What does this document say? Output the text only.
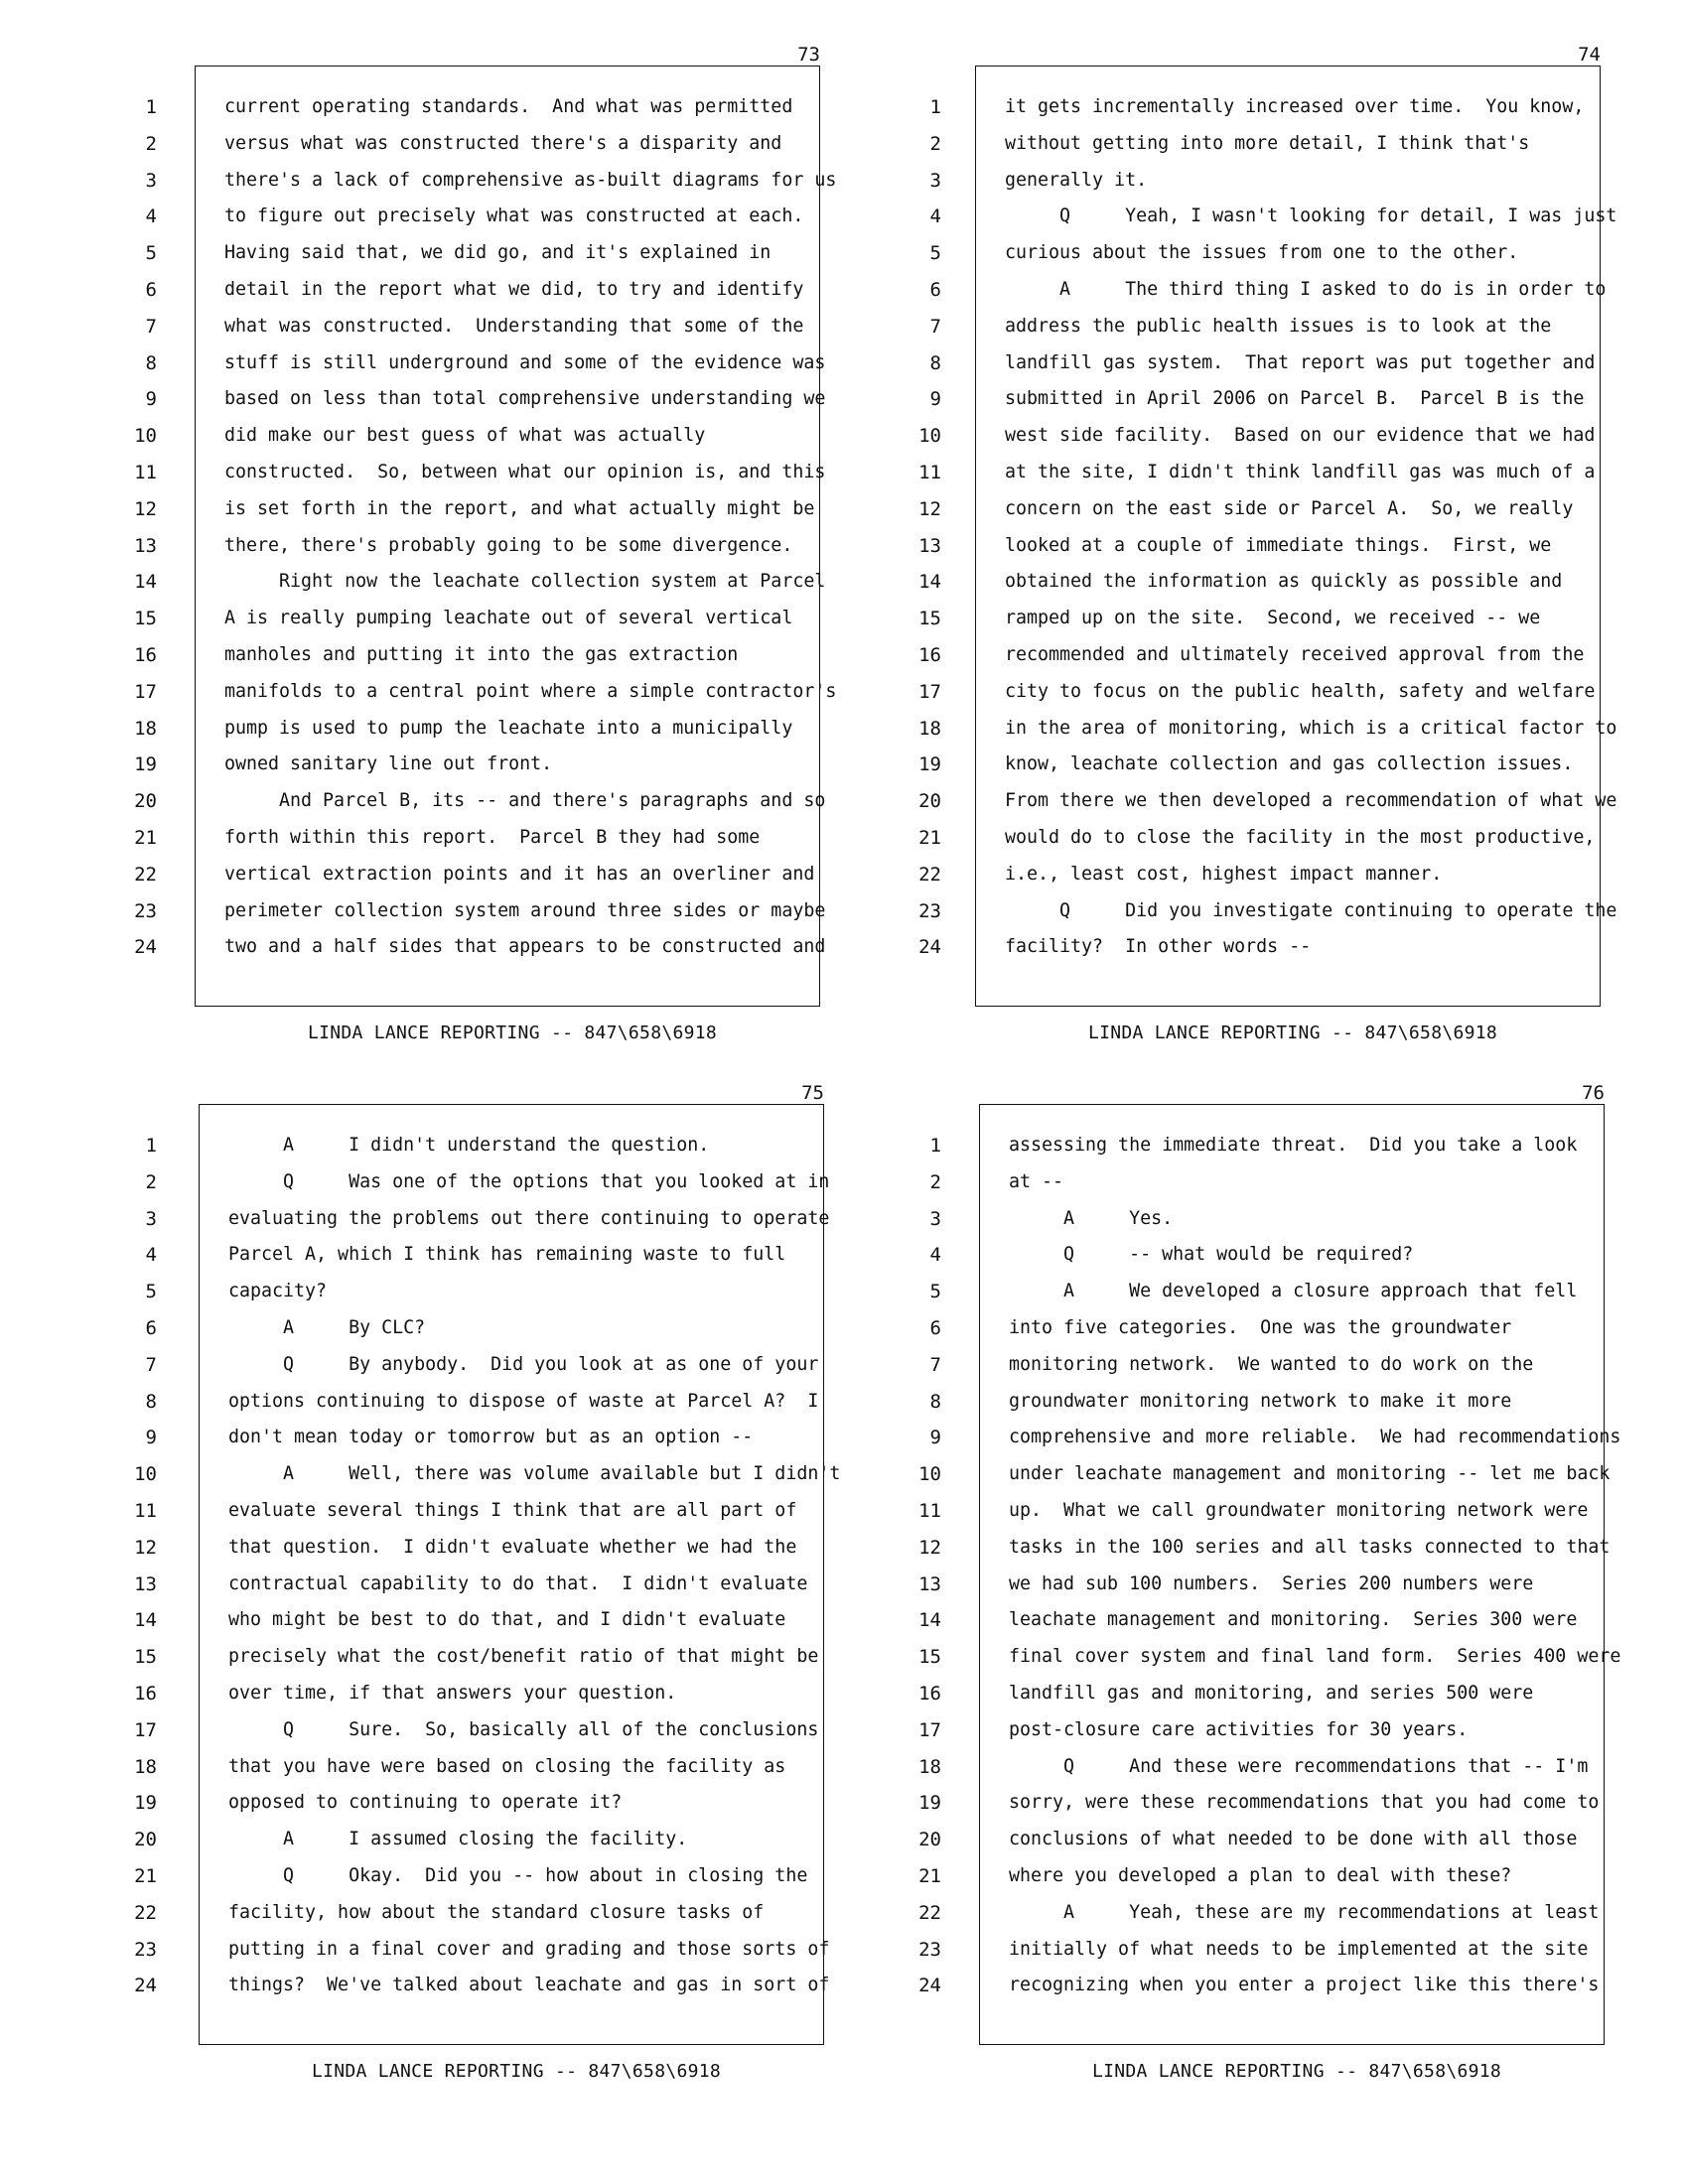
73
1
2
3
4
5
6
7
8
9
10
11
12
13
14
15
16
17
18
19
20
21
22
23
24
current operating standards.  And what was permitted
versus what was constructed there's a disparity and
there's a lack of comprehensive as-built diagrams for us
to figure out precisely what was constructed at each.
Having said that, we did go, and it's explained in
detail in the report what we did, to try and identify
what was constructed.  Understanding that some of the
stuff is still underground and some of the evidence was
based on less than total comprehensive understanding we
did make our best guess of what was actually
constructed.  So, between what our opinion is, and this
is set forth in the report, and what actually might be
there, there's probably going to be some divergence.
Right now the leachate collection system at Parcel
A is really pumping leachate out of several vertical
manholes and putting it into the gas extraction
manifolds to a central point where a simple contractor's
pump is used to pump the leachate into a municipally
owned sanitary line out front.
And Parcel B, its -- and there's paragraphs and so
forth within this report.  Parcel B they had some
vertical extraction points and it has an overliner and
perimeter collection system around three sides or maybe
two and a half sides that appears to be constructed and
LINDA LANCE REPORTING -- 847\658\6918
74
1
2
3
4
5
6
7
8
9
10
11
12
13
14
15
16
17
18
19
20
21
22
23
24
it gets incrementally increased over time.  You know,
without getting into more detail, I think that's
generally it.
Q     Yeah, I wasn't looking for detail, I was just
curious about the issues from one to the other.
A     The third thing I asked to do is in order to
address the public health issues is to look at the
landfill gas system.  That report was put together and
submitted in April 2006 on Parcel B.  Parcel B is the
west side facility.  Based on our evidence that we had
at the site, I didn't think landfill gas was much of a
concern on the east side or Parcel A.  So, we really
looked at a couple of immediate things.  First, we
obtained the information as quickly as possible and
ramped up on the site.  Second, we received -- we
recommended and ultimately received approval from the
city to focus on the public health, safety and welfare
in the area of monitoring, which is a critical factor to
know, leachate collection and gas collection issues.
From there we then developed a recommendation of what we
would do to close the facility in the most productive,
i.e., least cost, highest impact manner.
Q     Did you investigate continuing to operate the
facility?  In other words --
LINDA LANCE REPORTING -- 847\658\6918
75
1
2
3
4
5
6
7
8
9
10
11
12
13
14
15
16
17
18
19
20
21
22
23
24
A     I didn't understand the question.
Q     Was one of the options that you looked at in
evaluating the problems out there continuing to operate
Parcel A, which I think has remaining waste to full
capacity?
A     By CLC?
Q     By anybody.  Did you look at as one of your
options continuing to dispose of waste at Parcel A?  I
don't mean today or tomorrow but as an option --
A     Well, there was volume available but I didn't
evaluate several things I think that are all part of
that question.  I didn't evaluate whether we had the
contractual capability to do that.  I didn't evaluate
who might be best to do that, and I didn't evaluate
precisely what the cost/benefit ratio of that might be
over time, if that answers your question.
Q     Sure.  So, basically all of the conclusions
that you have were based on closing the facility as
opposed to continuing to operate it?
A     I assumed closing the facility.
Q     Okay.  Did you -- how about in closing the
facility, how about the standard closure tasks of
putting in a final cover and grading and those sorts of
things?  We've talked about leachate and gas in sort of
LINDA LANCE REPORTING -- 847\658\6918
76
1
2
3
4
5
6
7
8
9
10
11
12
13
14
15
16
17
18
19
20
21
22
23
24
assessing the immediate threat.  Did you take a look
at --
A     Yes.
Q     -- what would be required?
A     We developed a closure approach that fell
into five categories.  One was the groundwater
monitoring network.  We wanted to do work on the
groundwater monitoring network to make it more
comprehensive and more reliable.  We had recommendations
under leachate management and monitoring -- let me back
up.  What we call groundwater monitoring network were
tasks in the 100 series and all tasks connected to that
we had sub 100 numbers.  Series 200 numbers were
leachate management and monitoring.  Series 300 were
final cover system and final land form.  Series 400 were
landfill gas and monitoring, and series 500 were
post-closure care activities for 30 years.
Q     And these were recommendations that -- I'm
sorry, were these recommendations that you had come to
conclusions of what needed to be done with all those
where you developed a plan to deal with these?
A     Yeah, these are my recommendations at least
initially of what needs to be implemented at the site
recognizing when you enter a project like this there's
LINDA LANCE REPORTING -- 847\658\6918
